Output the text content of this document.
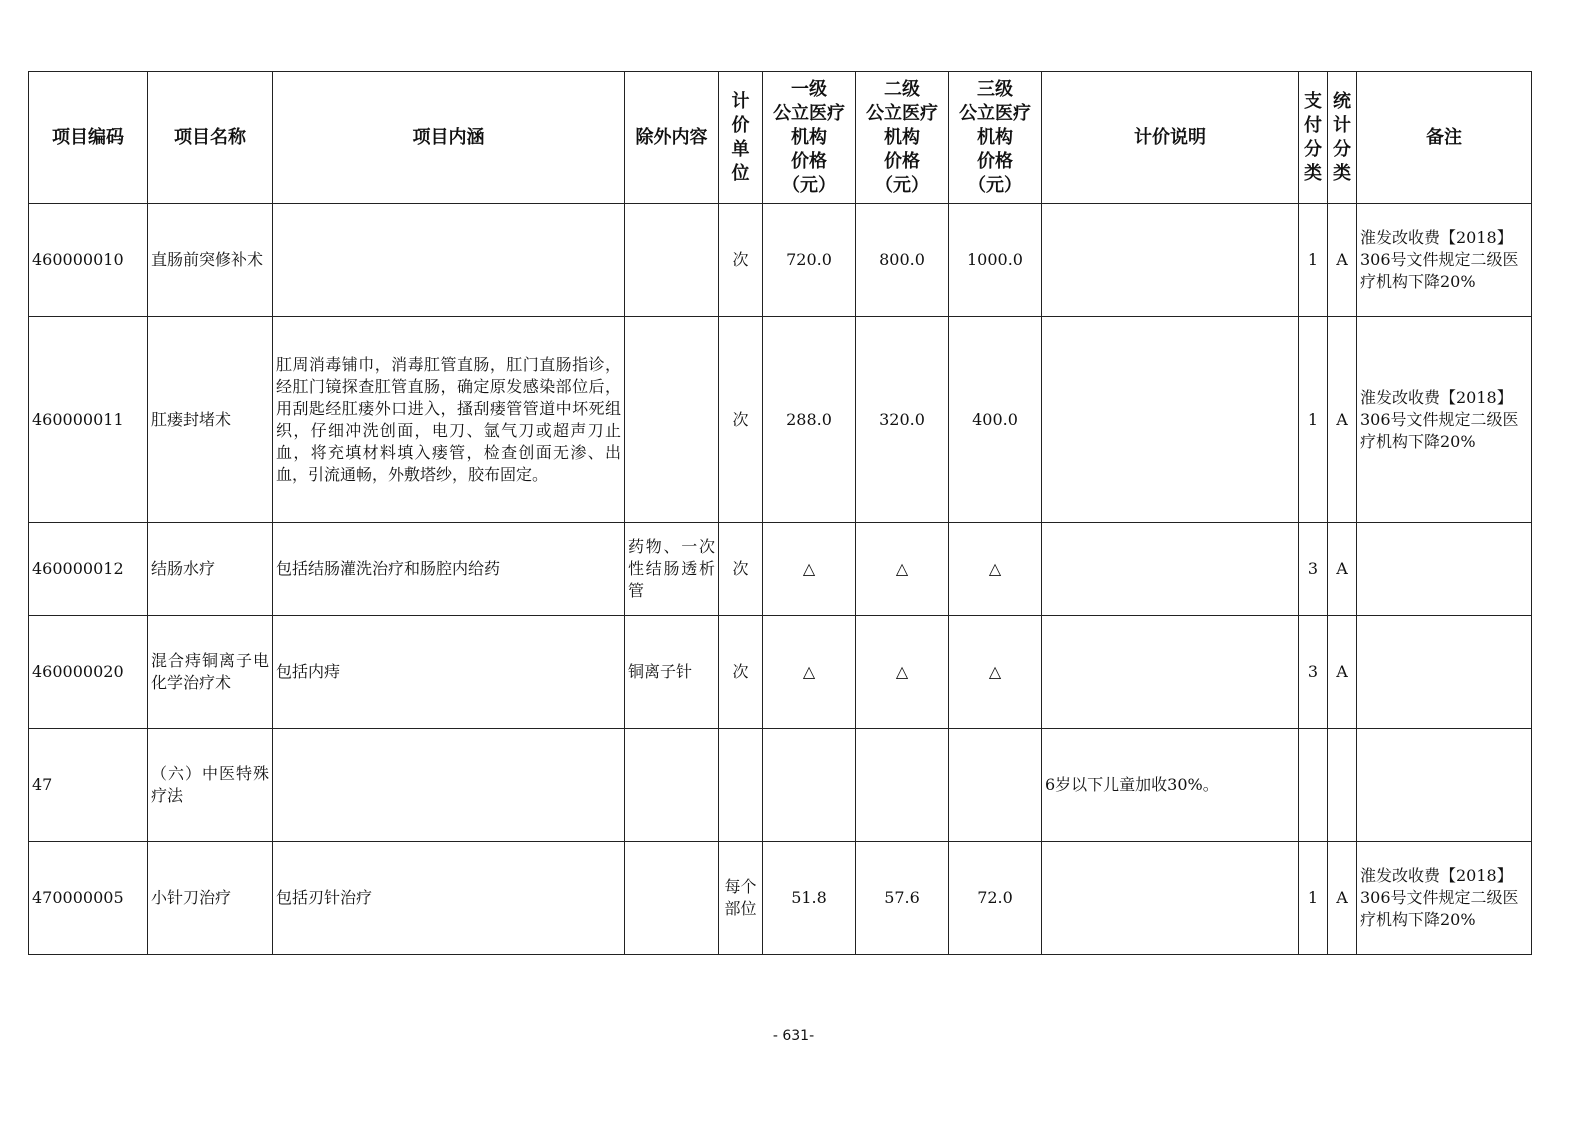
项目编码	项目名称	项目内涵	除外内容	计
价
单
位	一级
公立医疗
机构
价格
（元）	二级
公立医疗
机构
价格
（元）	三级
公立医疗
机构
价格
（元）	计价说明	支
付
分
类	统
计
分
类	备注
460000010	直肠前突修补术			次	720.0	800.0	1000.0		1	A	淮发改收费【2018】306号文件规定二级医疗机构下降20%
460000011	肛瘘封堵术	肛周消毒铺巾，消毒肛管直肠，肛门直肠指诊，经肛门镜探查肛管直肠，确定原发感染部位后，用刮匙经肛瘘外口进入，搔刮瘘管管道中坏死组织，仔细冲洗创面，电刀、氩气刀或超声刀止血，将充填材料填入瘘管，检查创面无渗、出血，引流通畅，外敷塔纱，胶布固定。		次	288.0	320.0	400.0		1	A	淮发改收费【2018】306号文件规定二级医疗机构下降20%
460000012	结肠水疗	包括结肠灌洗治疗和肠腔内给药	药物、一次性结肠透析管	次	△	△	△		3	A	
460000020	混合痔铜离子电化学治疗术	包括内痔	铜离子针	次	△	△	△		3	A	
47	（六）中医特殊疗法							6岁以下儿童加收30%。			
470000005	小针刀治疗	包括刃针治疗		每个部位	51.8	57.6	72.0		1	A	淮发改收费【2018】306号文件规定二级医疗机构下降20%
- 631-
